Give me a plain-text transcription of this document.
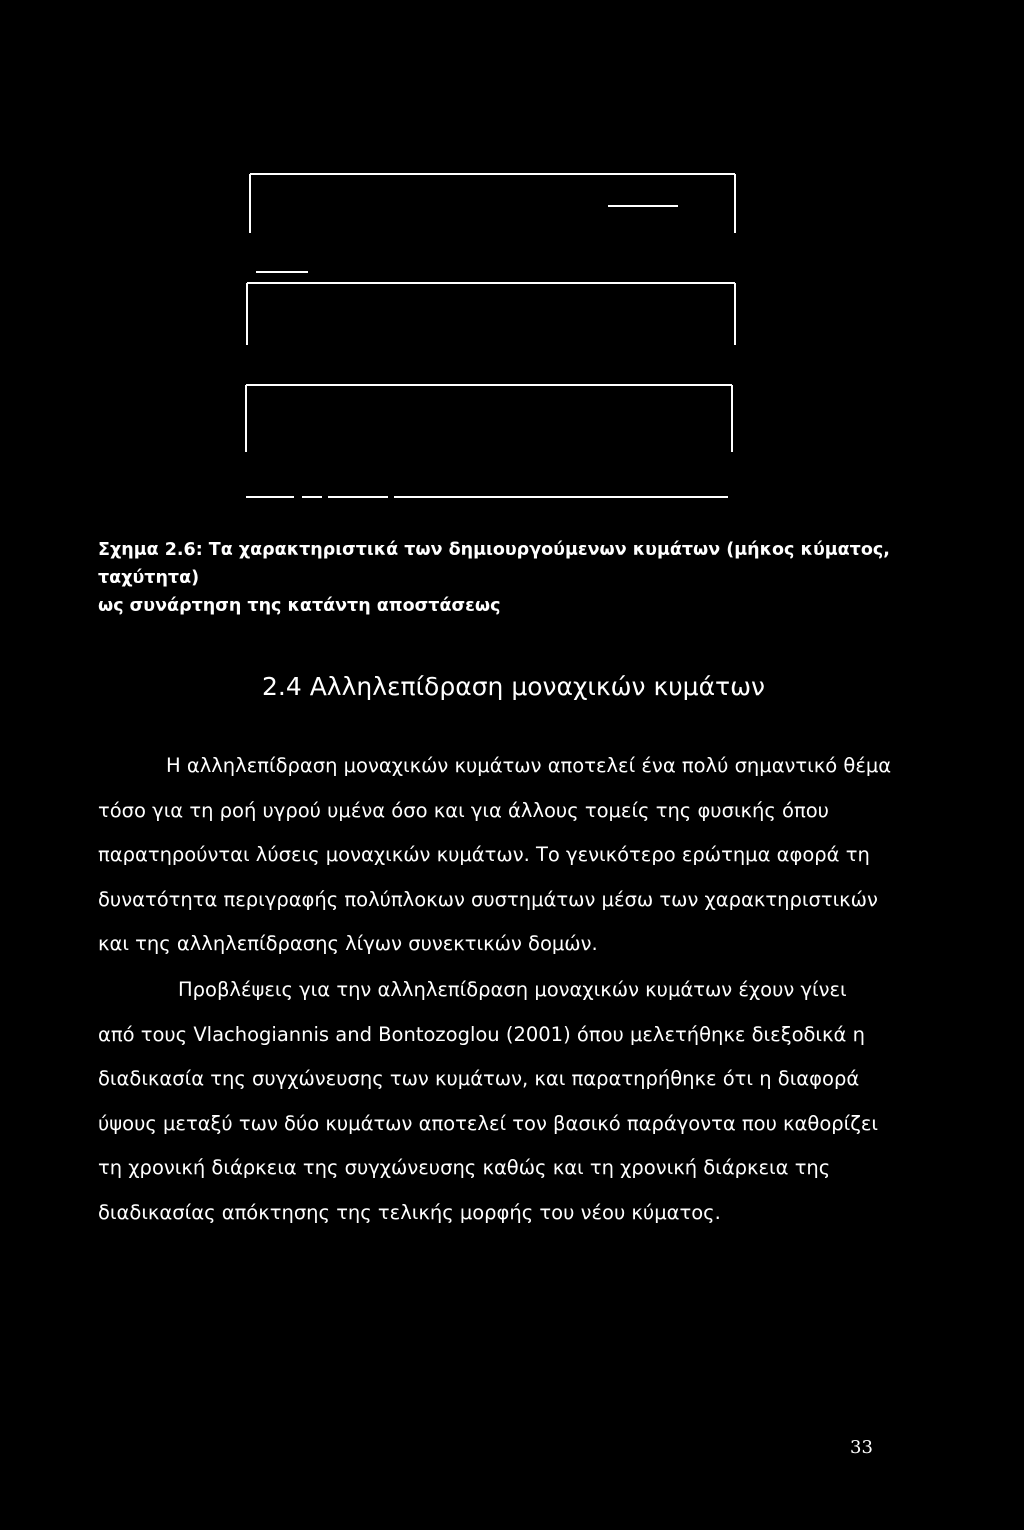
Σχημα 2.6: Τα χαρακτηριστικά των δημιουργούμενων κυμάτων (μήκος κύματος, ταχύτητα)
ως συνάρτηση της κατάντη αποστάσεως
2.4 Αλληλεπίδραση μοναχικών κυμάτων

Η αλληλεπίδραση μοναχικών κυμάτων αποτελεί ένα πολύ σημαντικό θέμα
τόσο για τη ροή υγρού υμένα όσο και για άλλους τομείς της φυσικής όπου
παρατηρούνται λύσεις μοναχικών κυμάτων. Το γενικότερο ερώτημα αφορά τη
δυνατότητα περιγραφής πολύπλοκων συστημάτων μέσω των χαρακτηριστικών
και της αλληλεπίδρασης λίγων συνεκτικών δομών.

Προβλέψεις για την αλληλεπίδραση μοναχικών κυμάτων έχουν γίνει
από τους Vlachogiannis and Bontozoglou (2001) όπου μελετήθηκε διεξοδικά η
διαδικασία της συγχώνευσης των κυμάτων, και παρατηρήθηκε ότι η διαφορά
ύψους μεταξύ των δύο κυμάτων αποτελεί τον βασικό παράγοντα που καθορίζει
τη χρονική διάρκεια της συγχώνευσης καθώς και τη χρονική διάρκεια της
διαδικασίας απόκτησης της τελικής μορφής του νέου κύματος.

33
